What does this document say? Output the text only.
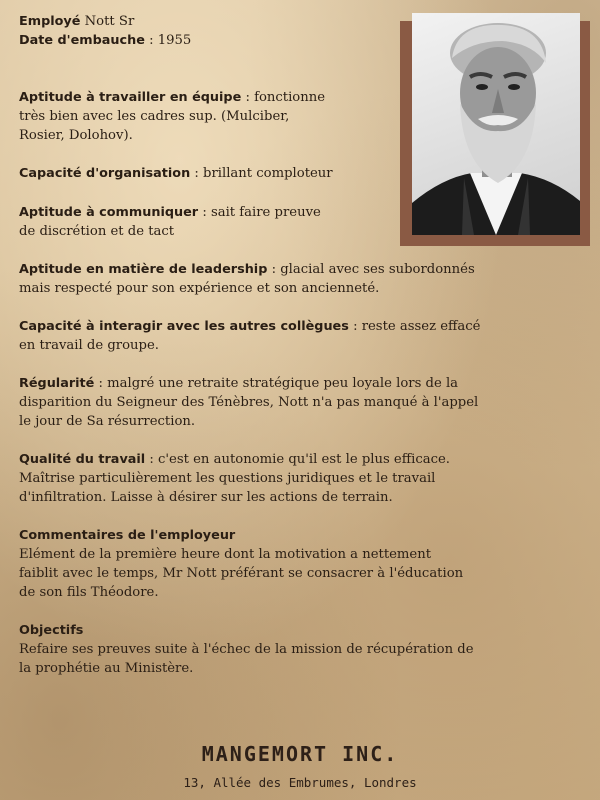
Employé Nott Sr
Date d'embauche : 1955
Aptitude à travailler en équipe : fonctionne
très bien avec les cadres sup. (Mulciber,
Rosier, Dolohov).
Capacité d'organisation : brillant comploteur
Aptitude à communiquer : sait faire preuve
de discrétion et de tact
Aptitude en matière de leadership : glacial avec ses subordonnés
mais respecté pour son expérience et son ancienneté.
Capacité à interagir avec les autres collègues : reste assez effacé
en travail de groupe.
Régularité : malgré une retraite stratégique peu loyale lors de la
disparition du Seigneur des Ténèbres, Nott n'a pas manqué à l'appel
le jour de Sa résurrection.
Qualité du travail : c'est en autonomie qu'il est le plus efficace.
Maîtrise particulièrement les questions juridiques et le travail
d'infiltration. Laisse à désirer sur les actions de terrain.
Commentaires de l'employeur
Elément de la première heure dont la motivation a nettement
faiblit avec le temps, Mr Nott préférant se consacrer à l'éducation
de son fils Théodore.
Objectifs
Refaire ses preuves suite à l'échec de la mission de récupération de
la prophétie au Ministère.
MANGEMORT INC.
13, Allée des Embrumes, Londres
